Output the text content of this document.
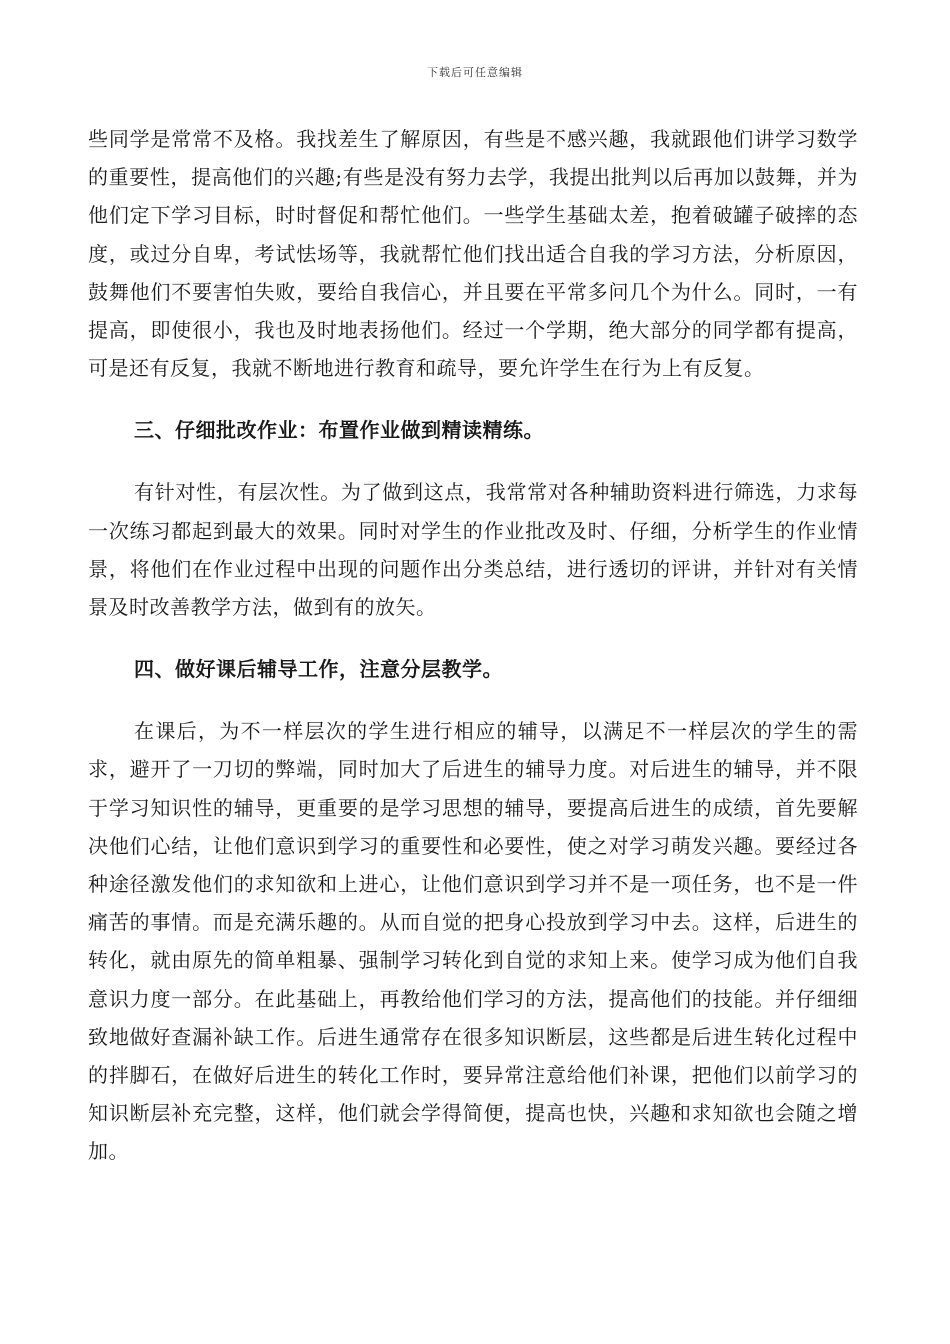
下载后可任意编辑

些同学是常常不及格。我找差生了解原因，有些是不感兴趣，我就跟他们讲学习数学的重要性，提高他们的兴趣;有些是没有努力去学，我提出批判以后再加以鼓舞，并为他们定下学习目标，时时督促和帮忙他们。一些学生基础太差，抱着破罐子破摔的态度，或过分自卑，考试怯场等，我就帮忙他们找出适合自我的学习方法，分析原因，鼓舞他们不要害怕失败，要给自我信心，并且要在平常多问几个为什么。同时，一有提高，即使很小，我也及时地表扬他们。经过一个学期，绝大部分的同学都有提高，可是还有反复，我就不断地进行教育和疏导，要允许学生在行为上有反复。

三、仔细批改作业：布置作业做到精读精练。

有针对性，有层次性。为了做到这点，我常常对各种辅助资料进行筛选，力求每一次练习都起到最大的效果。同时对学生的作业批改及时、仔细，分析学生的作业情景，将他们在作业过程中出现的问题作出分类总结，进行透切的评讲，并针对有关情景及时改善教学方法，做到有的放矢。

四、做好课后辅导工作，注意分层教学。

在课后，为不一样层次的学生进行相应的辅导，以满足不一样层次的学生的需求，避开了一刀切的弊端，同时加大了后进生的辅导力度。对后进生的辅导，并不限于学习知识性的辅导，更重要的是学习思想的辅导，要提高后进生的成绩，首先要解决他们心结，让他们意识到学习的重要性和必要性，使之对学习萌发兴趣。要经过各种途径激发他们的求知欲和上进心，让他们意识到学习并不是一项任务，也不是一件痛苦的事情。而是充满乐趣的。从而自觉的把身心投放到学习中去。这样，后进生的转化，就由原先的简单粗暴、强制学习转化到自觉的求知上来。使学习成为他们自我意识力度一部分。在此基础上，再教给他们学习的方法，提高他们的技能。并仔细细致地做好查漏补缺工作。后进生通常存在很多知识断层，这些都是后进生转化过程中的拌脚石，在做好后进生的转化工作时，要异常注意给他们补课，把他们以前学习的知识断层补充完整，这样，他们就会学得简便，提高也快，兴趣和求知欲也会随之增加。
